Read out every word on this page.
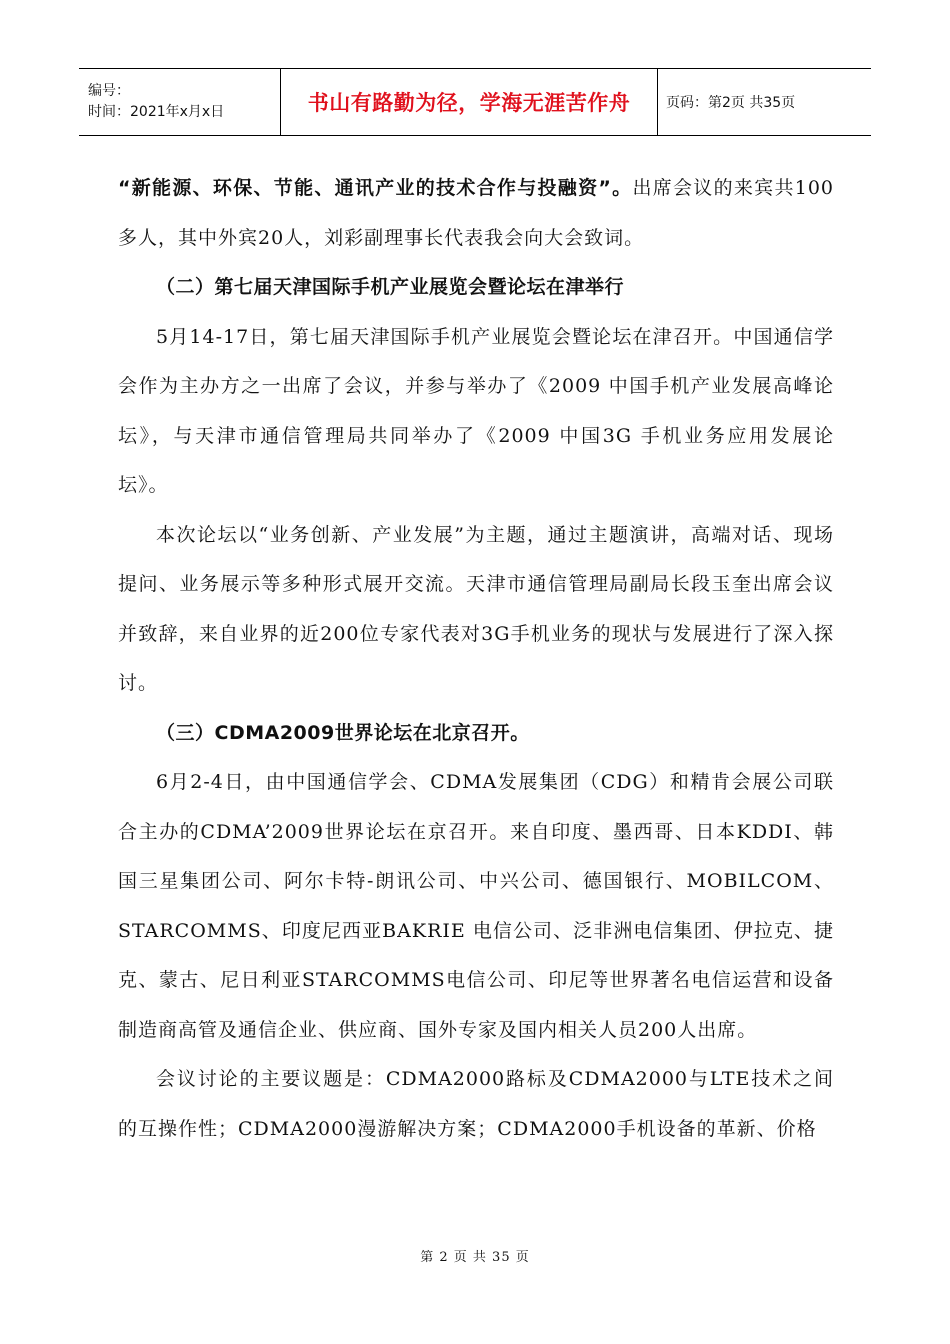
编号：
时间：2021年x月x日	书山有路勤为径，学海无涯苦作舟	页码：第2页 共35页

“新能源、环保、节能、通讯产业的技术合作与投融资”。出席会议的来宾共100多人，其中外宾20人，刘彩副理事长代表我会向大会致词。

（二）第七届天津国际手机产业展览会暨论坛在津举行

5月14-17日，第七届天津国际手机产业展览会暨论坛在津召开。中国通信学会作为主办方之一出席了会议，并参与举办了《2009 中国手机产业发展高峰论坛》，与天津市通信管理局共同举办了《2009 中国3G 手机业务应用发展论坛》。

本次论坛以“业务创新、产业发展”为主题，通过主题演讲，高端对话、现场提问、业务展示等多种形式展开交流。天津市通信管理局副局长段玉奎出席会议并致辞，来自业界的近200位专家代表对3G手机业务的现状与发展进行了深入探讨。

（三）CDMA2009世界论坛在北京召开。

6月2-4日，由中国通信学会、CDMA发展集团（CDG）和精肯会展公司联合主办的CDMA’2009世界论坛在京召开。来自印度、墨西哥、日本KDDI、韩国三星集团公司、阿尔卡特-朗讯公司、中兴公司、德国银行、MOBILCOM、STARCOMMS、印度尼西亚BAKRIE 电信公司、泛非洲电信集团、伊拉克、捷克、蒙古、尼日利亚STARCOMMS电信公司、印尼等世界著名电信运营和设备制造商高管及通信企业、供应商、国外专家及国内相关人员200人出席。

会议讨论的主要议题是：CDMA2000路标及CDMA2000与LTE技术之间的互操作性；CDMA2000漫游解决方案；CDMA2000手机设备的革新、价格

第 2 页 共 35 页
